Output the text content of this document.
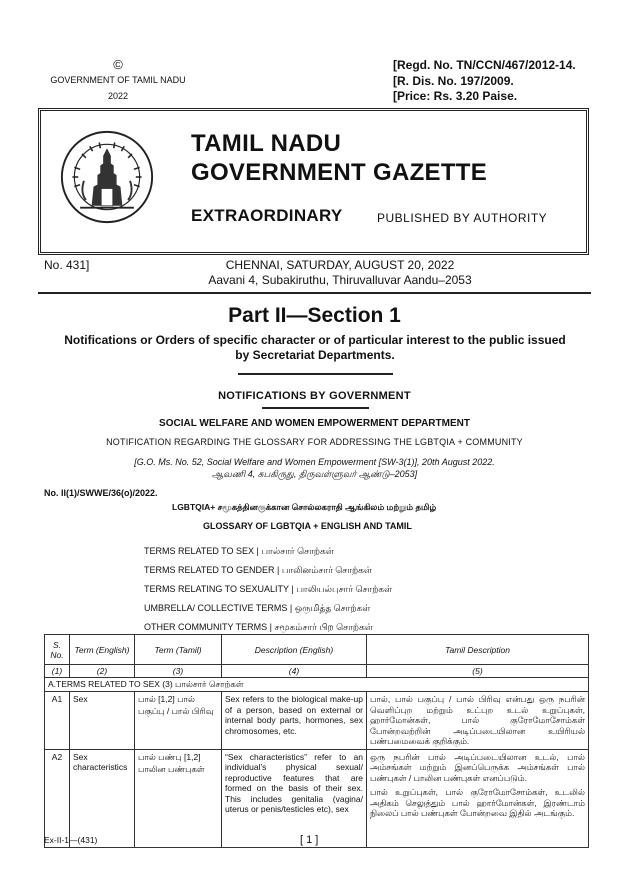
©
GOVERNMENT OF TAMIL NADU
2022
[Regd. No. TN/CCN/467/2012-14.
[R. Dis. No. 197/2009.
[Price: Rs. 3.20 Paise.
TAMIL NADU
GOVERNMENT GAZETTE
EXTRAORDINARY	PUBLISHED BY AUTHORITY
No. 431]	CHENNAI, SATURDAY, AUGUST 20, 2022
Aavani 4, Subakiruthu, Thiruvalluvar Aandu–2053
Part II—Section 1
Notifications or Orders of specific character or of particular interest to the public issued by Secretariat Departments.
NOTIFICATIONS BY GOVERNMENT
SOCIAL WELFARE AND WOMEN EMPOWERMENT DEPARTMENT
NOTIFICATION REGARDING THE GLOSSARY FOR ADDRESSING THE LGBTQIA + COMMUNITY
[G.O. Ms. No. 52, Social Welfare and Women Empowerment [SW-3(1)], 20th August 2022.
ஆவணி 4, சுபகிருது, திருவள்ளுவர் ஆண்டு–2053]
No. II(1)/SWWE/36(o)/2022.
LGBTQIA+ சமூகத்தினருக்கான சொல்லகராதி ஆங்கிலம் மற்றும் தமிழ்
GLOSSARY OF LGBTQIA + ENGLISH AND TAMIL
TERMS RELATED TO SEX | பால்சார் சொற்கள்
TERMS RELATED TO GENDER | பாலினம்சார் சொற்கள்
TERMS RELATING TO SEXUALITY | பாலியல்புசார் சொற்கள்
UMBRELLA/ COLLECTIVE TERMS | ஒருமித்த சொற்கள்
OTHER COMMUNITY TERMS | சமூகம்சார் பிற சொற்கள்
S. No.	Term (English)	Term (Tamil)	Description (English)	Tamil Description
(1)	(2)	(3)	(4)	(5)
A.TERMS RELATED TO SEX (3) பால்சார் சொற்கள்				
A1	Sex	பால் [1,2] பால் பகுப்பு / பால் பிரிவு	Sex refers to the biological make-up of a person, based on external or internal body parts, hormones, sex chromosomes, etc.	பால், பால் பகுப்பு / பால் பிரிவு என்பது ஒரு நபரின் வெளிப்புற மற்றும் உட்புற உடல் உறுப்புகள், ஹார்மோன்கள், பால் குரோமோசோம்கள் போன்றவற்றின் அடிப்படையிலான உயிரியல் பண்பமைவைக் குறிக்கும்.
A2	Sex characteristics	பால் பண்பு [1,2] பாலின பண்புகள்	“Sex characteristics” refer to an individual’s physical sexual/ reproductive features that are formed on the basis of their sex. This includes genitalia (vagina/ uterus or penis/testicles etc), sex	ஒரு நபரின் பால் அடிப்படையிலான உடல், பால் அம்சங்கள் மற்றும் இனப்பெருக்க அம்சங்கள் பால் பண்புகள் / பாலின பண்புகள் எனப்படும்.
பால் உறுப்புகள், பால் குரோமோசோம்கள், உடலில் அதிகம் செலுத்தும் பால் ஹார்மோன்கள், இரண்டாம் நிலைப் பால் பண்புகள் போன்றவை இதில் அடங்கும்.
Ex-II-1—(431)	[ 1 ]
